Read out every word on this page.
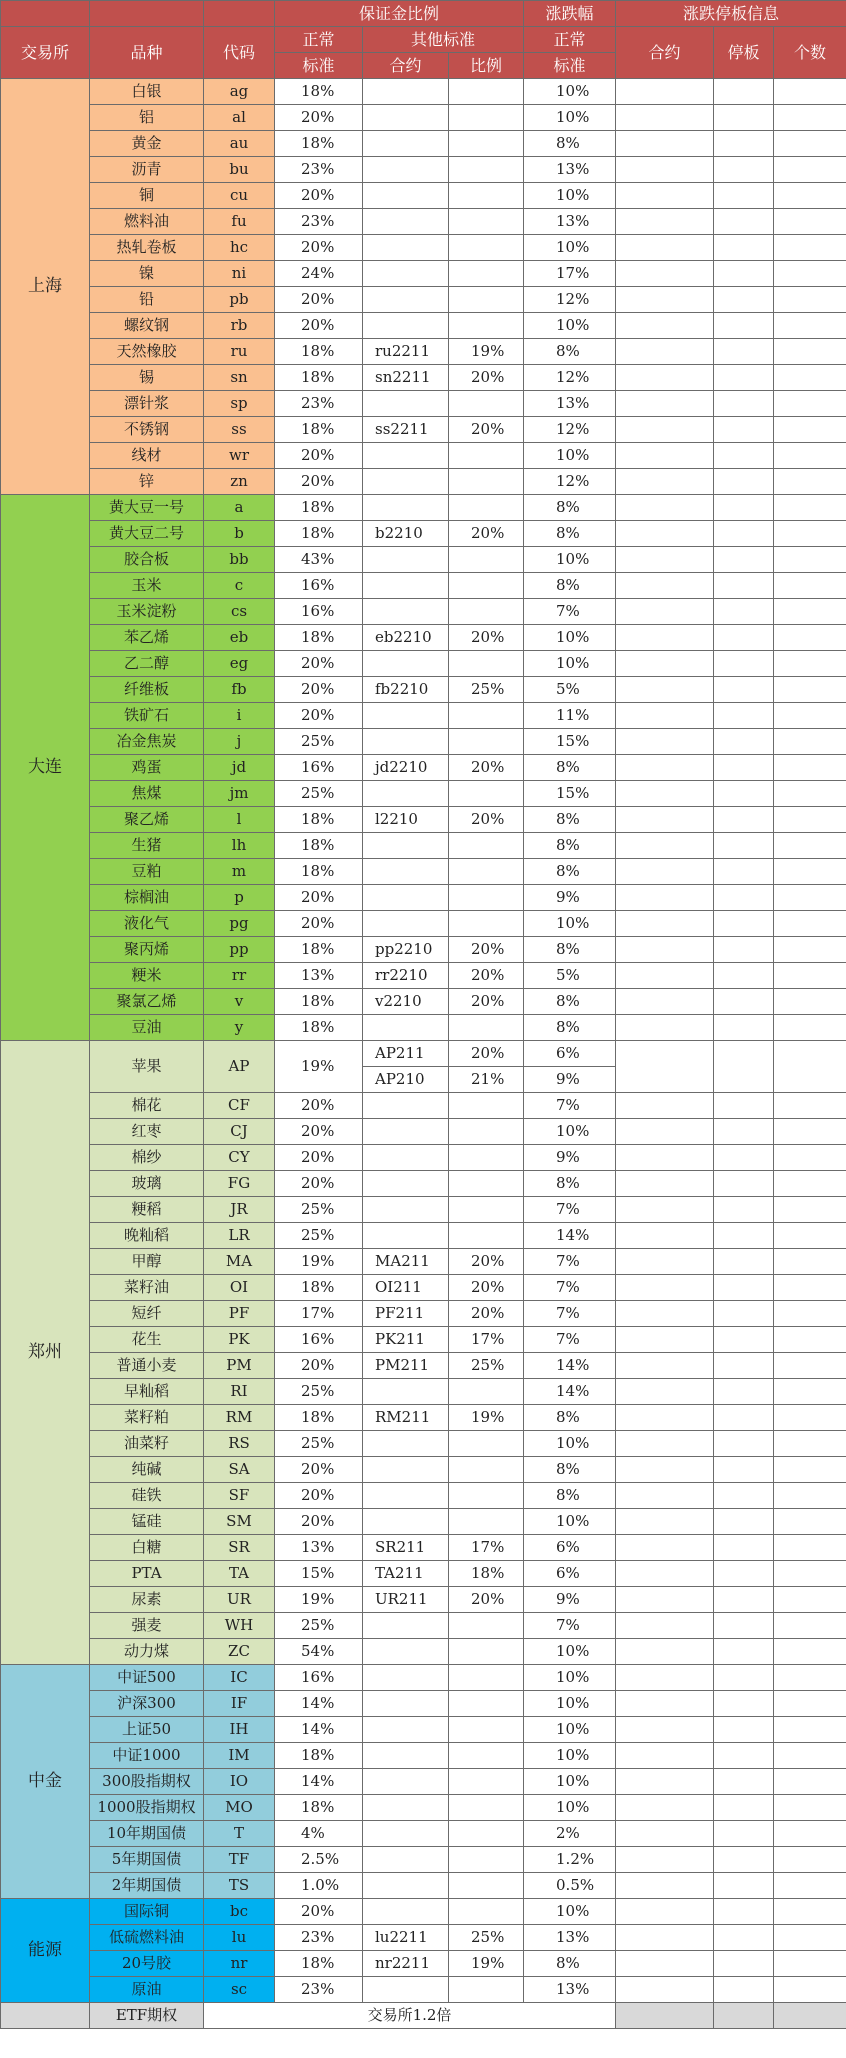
			保证金比例			涨跌幅	涨跌停板信息		
交易所	品种	代码	正常	其他标准		正常	合约	停板	个数
			标准	合约	比例	标准			
上海	白银	ag	18%			10%			
	铝	al	20%			10%			
	黄金	au	18%			8%			
	沥青	bu	23%			13%			
	铜	cu	20%			10%			
	燃料油	fu	23%			13%			
	热轧卷板	hc	20%			10%			
	镍	ni	24%			17%			
	铅	pb	20%			12%			
	螺纹钢	rb	20%			10%			
	天然橡胶	ru	18%	ru2211	19%	8%			
	锡	sn	18%	sn2211	20%	12%			
	漂针浆	sp	23%			13%			
	不锈钢	ss	18%	ss2211	20%	12%			
	线材	wr	20%			10%			
	锌	zn	20%			12%			
大连	黄大豆一号	a	18%			8%			
	黄大豆二号	b	18%	b2210	20%	8%			
	胶合板	bb	43%			10%			
	玉米	c	16%			8%			
	玉米淀粉	cs	16%			7%			
	苯乙烯	eb	18%	eb2210	20%	10%			
	乙二醇	eg	20%			10%			
	纤维板	fb	20%	fb2210	25%	5%			
	铁矿石	i	20%			11%			
	冶金焦炭	j	25%			15%			
	鸡蛋	jd	16%	jd2210	20%	8%			
	焦煤	jm	25%			15%			
	聚乙烯	l	18%	l2210	20%	8%			
	生猪	lh	18%			8%			
	豆粕	m	18%			8%			
	棕榈油	p	20%			9%			
	液化气	pg	20%			10%			
	聚丙烯	pp	18%	pp2210	20%	8%			
	粳米	rr	13%	rr2210	20%	5%			
	聚氯乙烯	v	18%	v2210	20%	8%			
	豆油	y	18%			8%			
郑州	苹果	AP	19%	AP211	20%	6%			
				AP210	21%	9%			
	棉花	CF	20%			7%			
	红枣	CJ	20%			10%			
	棉纱	CY	20%			9%			
	玻璃	FG	20%			8%			
	粳稻	JR	25%			7%			
	晚籼稻	LR	25%			14%			
	甲醇	MA	19%	MA211	20%	7%			
	菜籽油	OI	18%	OI211	20%	7%			
	短纤	PF	17%	PF211	20%	7%			
	花生	PK	16%	PK211	17%	7%			
	普通小麦	PM	20%	PM211	25%	14%			
	早籼稻	RI	25%			14%			
	菜籽粕	RM	18%	RM211	19%	8%			
	油菜籽	RS	25%			10%			
	纯碱	SA	20%			8%			
	硅铁	SF	20%			8%			
	锰硅	SM	20%			10%			
	白糖	SR	13%	SR211	17%	6%			
	PTA	TA	15%	TA211	18%	6%			
	尿素	UR	19%	UR211	20%	9%			
	强麦	WH	25%			7%			
	动力煤	ZC	54%			10%			
中金	中证500	IC	16%			10%			
	沪深300	IF	14%			10%			
	上证50	IH	14%			10%			
	中证1000	IM	18%			10%			
	300股指期权	IO	14%			10%			
	1000股指期权	MO	18%			10%			
	10年期国债	T	4%			2%			
	5年期国债	TF	2.5%			1.2%			
	2年期国债	TS	1.0%			0.5%			
能源	国际铜	bc	20%			10%			
	低硫燃料油	lu	23%	lu2211	25%	13%			
	20号胶	nr	18%	nr2211	19%	8%			
	原油	sc	23%			13%			
	ETF期权	交易所1.2倍							
